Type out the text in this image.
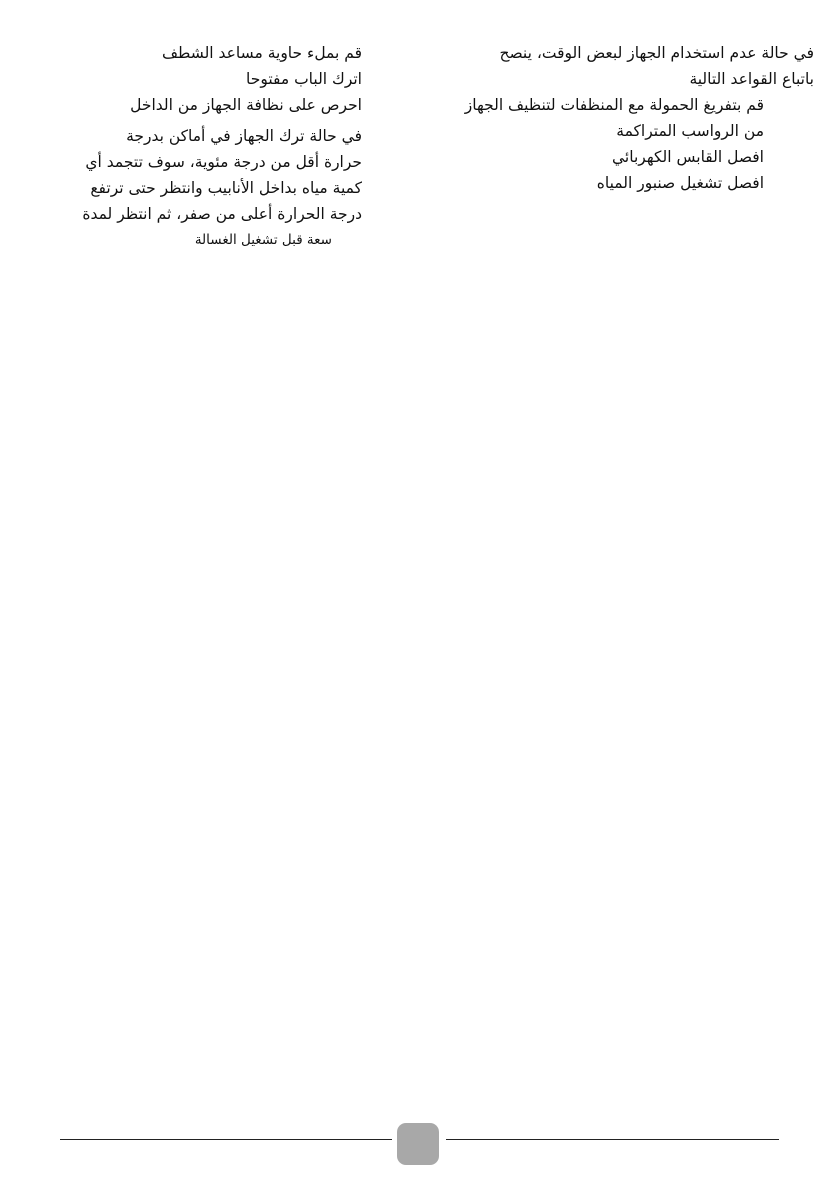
في حالة عدم استخدام الجهاز لبعض الوقت، ينصح
باتباع القواعد التالية
قم بتفريغ الحمولة مع المنظفات لتنظيف الجهاز
من الرواسب المتراكمة
افصل القابس الكهربائي
افصل تشغيل صنبور المياه
قم بملء حاوية مساعد الشطف
اترك الباب مفتوحا
احرص على نظافة الجهاز من الداخل
في حالة ترك الجهاز في أماكن بدرجة
حرارة أقل من درجة مئوية، سوف تتجمد أي
كمية مياه بداخل الأنابيب وانتظر حتى ترتفع
درجة الحرارة أعلى من صفر، ثم انتظر لمدة
سعة قبل تشغيل الغسالة
